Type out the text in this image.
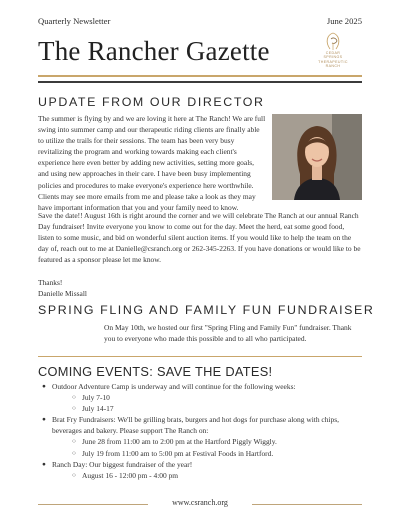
Quarterly Newsletter	June 2025
The Rancher Gazette	CEDAR
SPRINGS
THERAPEUTIC
RANCH
UPDATE FROM OUR DIRECTOR
The summer is flying by and we are loving it here at The Ranch! We are full swing into summer camp and our therapeutic riding clients are finally able to utilize the trails for their sessions. The team has been very busy revitalizing the program and working towards making each client's experience here even better by adding new activities, setting more goals, and using new approaches in their care. I have been busy implementing policies and procedures to make everyone's experience here worthwhile. Clients may see more emails from me and please take a look as they may have important information that you and your family need to know.
Save the date!! August 16th is right around the corner and we will celebrate The Ranch at our annual Ranch Day fundraiser! Invite everyone you know to come out for the day. Meet the herd, eat some good food, listen to some music, and bid on wonderful silent auction items. If you would like to help the team on the day of, reach out to me at Danielle@csranch.org or 262-345-2263. If you have donations or would like to be featured as a sponsor please let me know.
Thanks!
Danielle Missall
SPRING FLING AND FAMILY FUN FUNDRAISER
On May 10th, we hosted our first "Spring Fling and Family Fun" fundraiser. Thank you to everyone who made this possible and to all who participated.
COMING EVENTS: SAVE THE DATES!
● Outdoor Adventure Camp is underway and will continue for the following weeks:
○ July 7-10
○ July 14-17
● Brat Fry Fundraisers: We'll be grilling brats, burgers and hot dogs for purchase along with chips, beverages and bakery. Please support The Ranch on:
○ June 28 from 11:00 am to 2:00 pm at the Hartford Piggly Wiggly.
○ July 19 from 11:00 am to 5:00 pm at Festival Foods in Hartford.
● Ranch Day: Our biggest fundraiser of the year!
○ August 16 - 12:00 pm - 4:00 pm
www.csranch.org
